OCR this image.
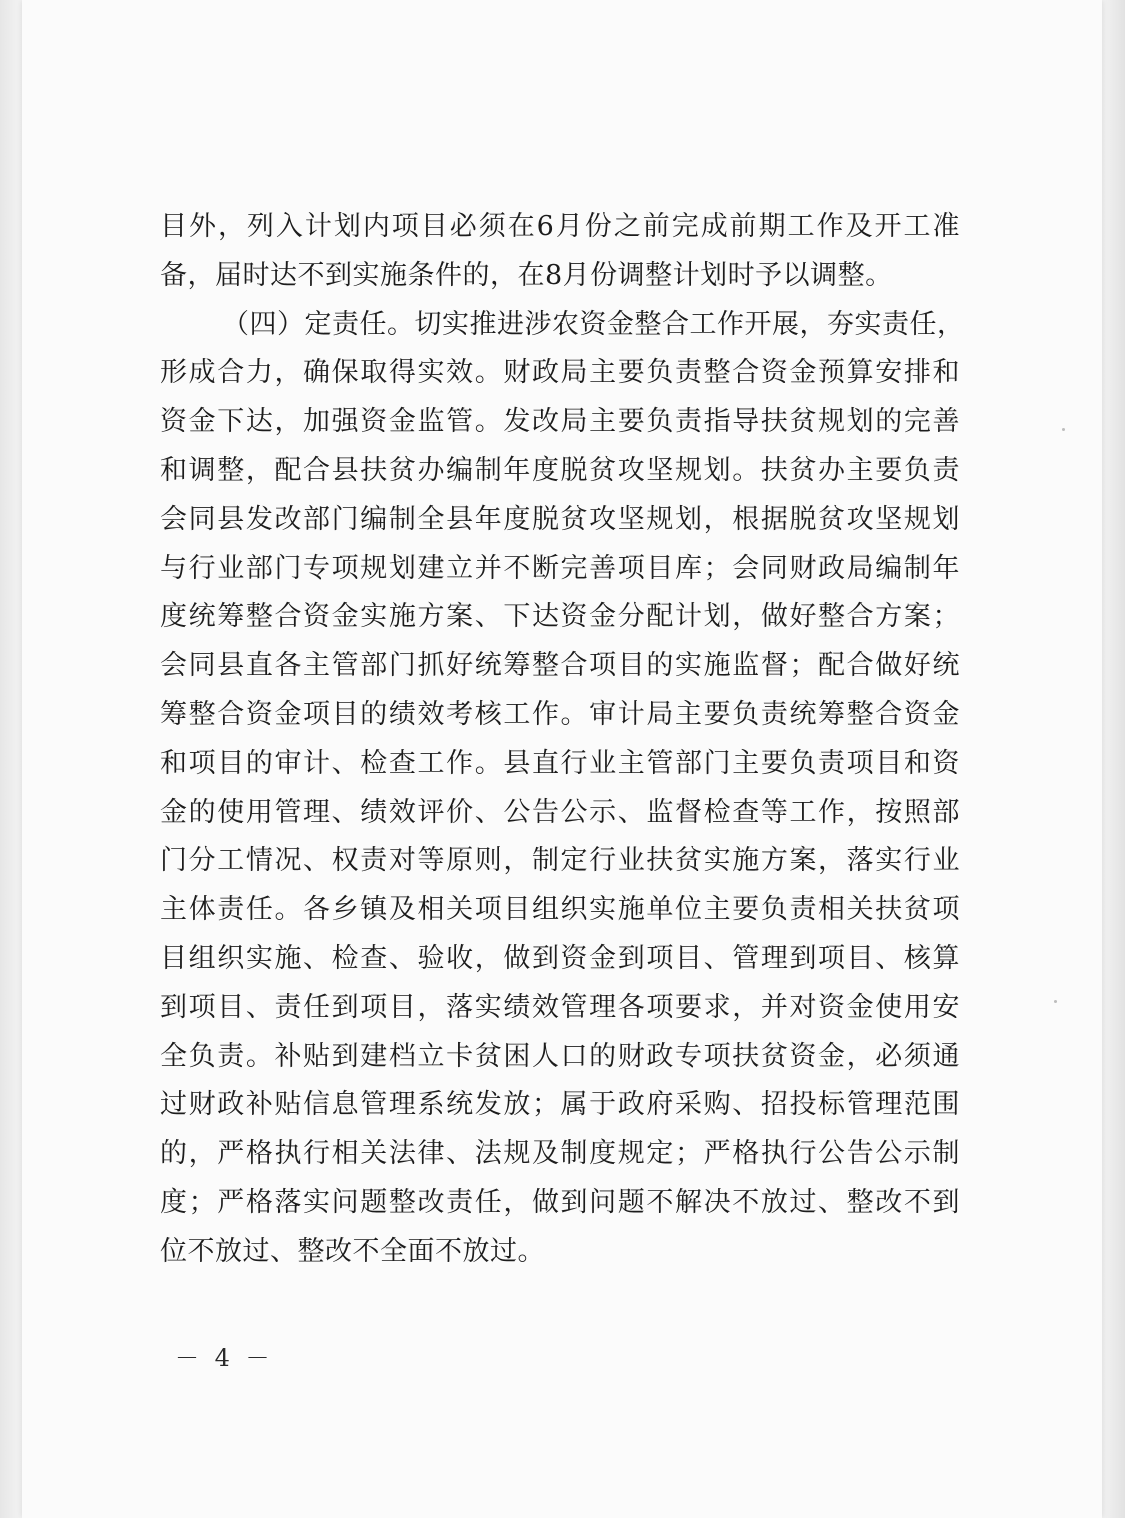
目外，列入计划内项目必须在6月份之前完成前期工作及开工准
备，届时达不到实施条件的，在8月份调整计划时予以调整。
（四）定责任。切实推进涉农资金整合工作开展，夯实责任，
形成合力，确保取得实效。财政局主要负责整合资金预算安排和
资金下达，加强资金监管。发改局主要负责指导扶贫规划的完善
和调整，配合县扶贫办编制年度脱贫攻坚规划。扶贫办主要负责
会同县发改部门编制全县年度脱贫攻坚规划，根据脱贫攻坚规划
与行业部门专项规划建立并不断完善项目库；会同财政局编制年
度统筹整合资金实施方案、下达资金分配计划，做好整合方案；
会同县直各主管部门抓好统筹整合项目的实施监督；配合做好统
筹整合资金项目的绩效考核工作。审计局主要负责统筹整合资金
和项目的审计、检查工作。县直行业主管部门主要负责项目和资
金的使用管理、绩效评价、公告公示、监督检查等工作，按照部
门分工情况、权责对等原则，制定行业扶贫实施方案，落实行业
主体责任。各乡镇及相关项目组织实施单位主要负责相关扶贫项
目组织实施、检查、验收，做到资金到项目、管理到项目、核算
到项目、责任到项目，落实绩效管理各项要求，并对资金使用安
全负责。补贴到建档立卡贫困人口的财政专项扶贫资金，必须通
过财政补贴信息管理系统发放；属于政府采购、招投标管理范围
的，严格执行相关法律、法规及制度规定；严格执行公告公示制
度；严格落实问题整改责任，做到问题不解决不放过、整改不到
位不放过、整改不全面不放过。
－ 4 －
